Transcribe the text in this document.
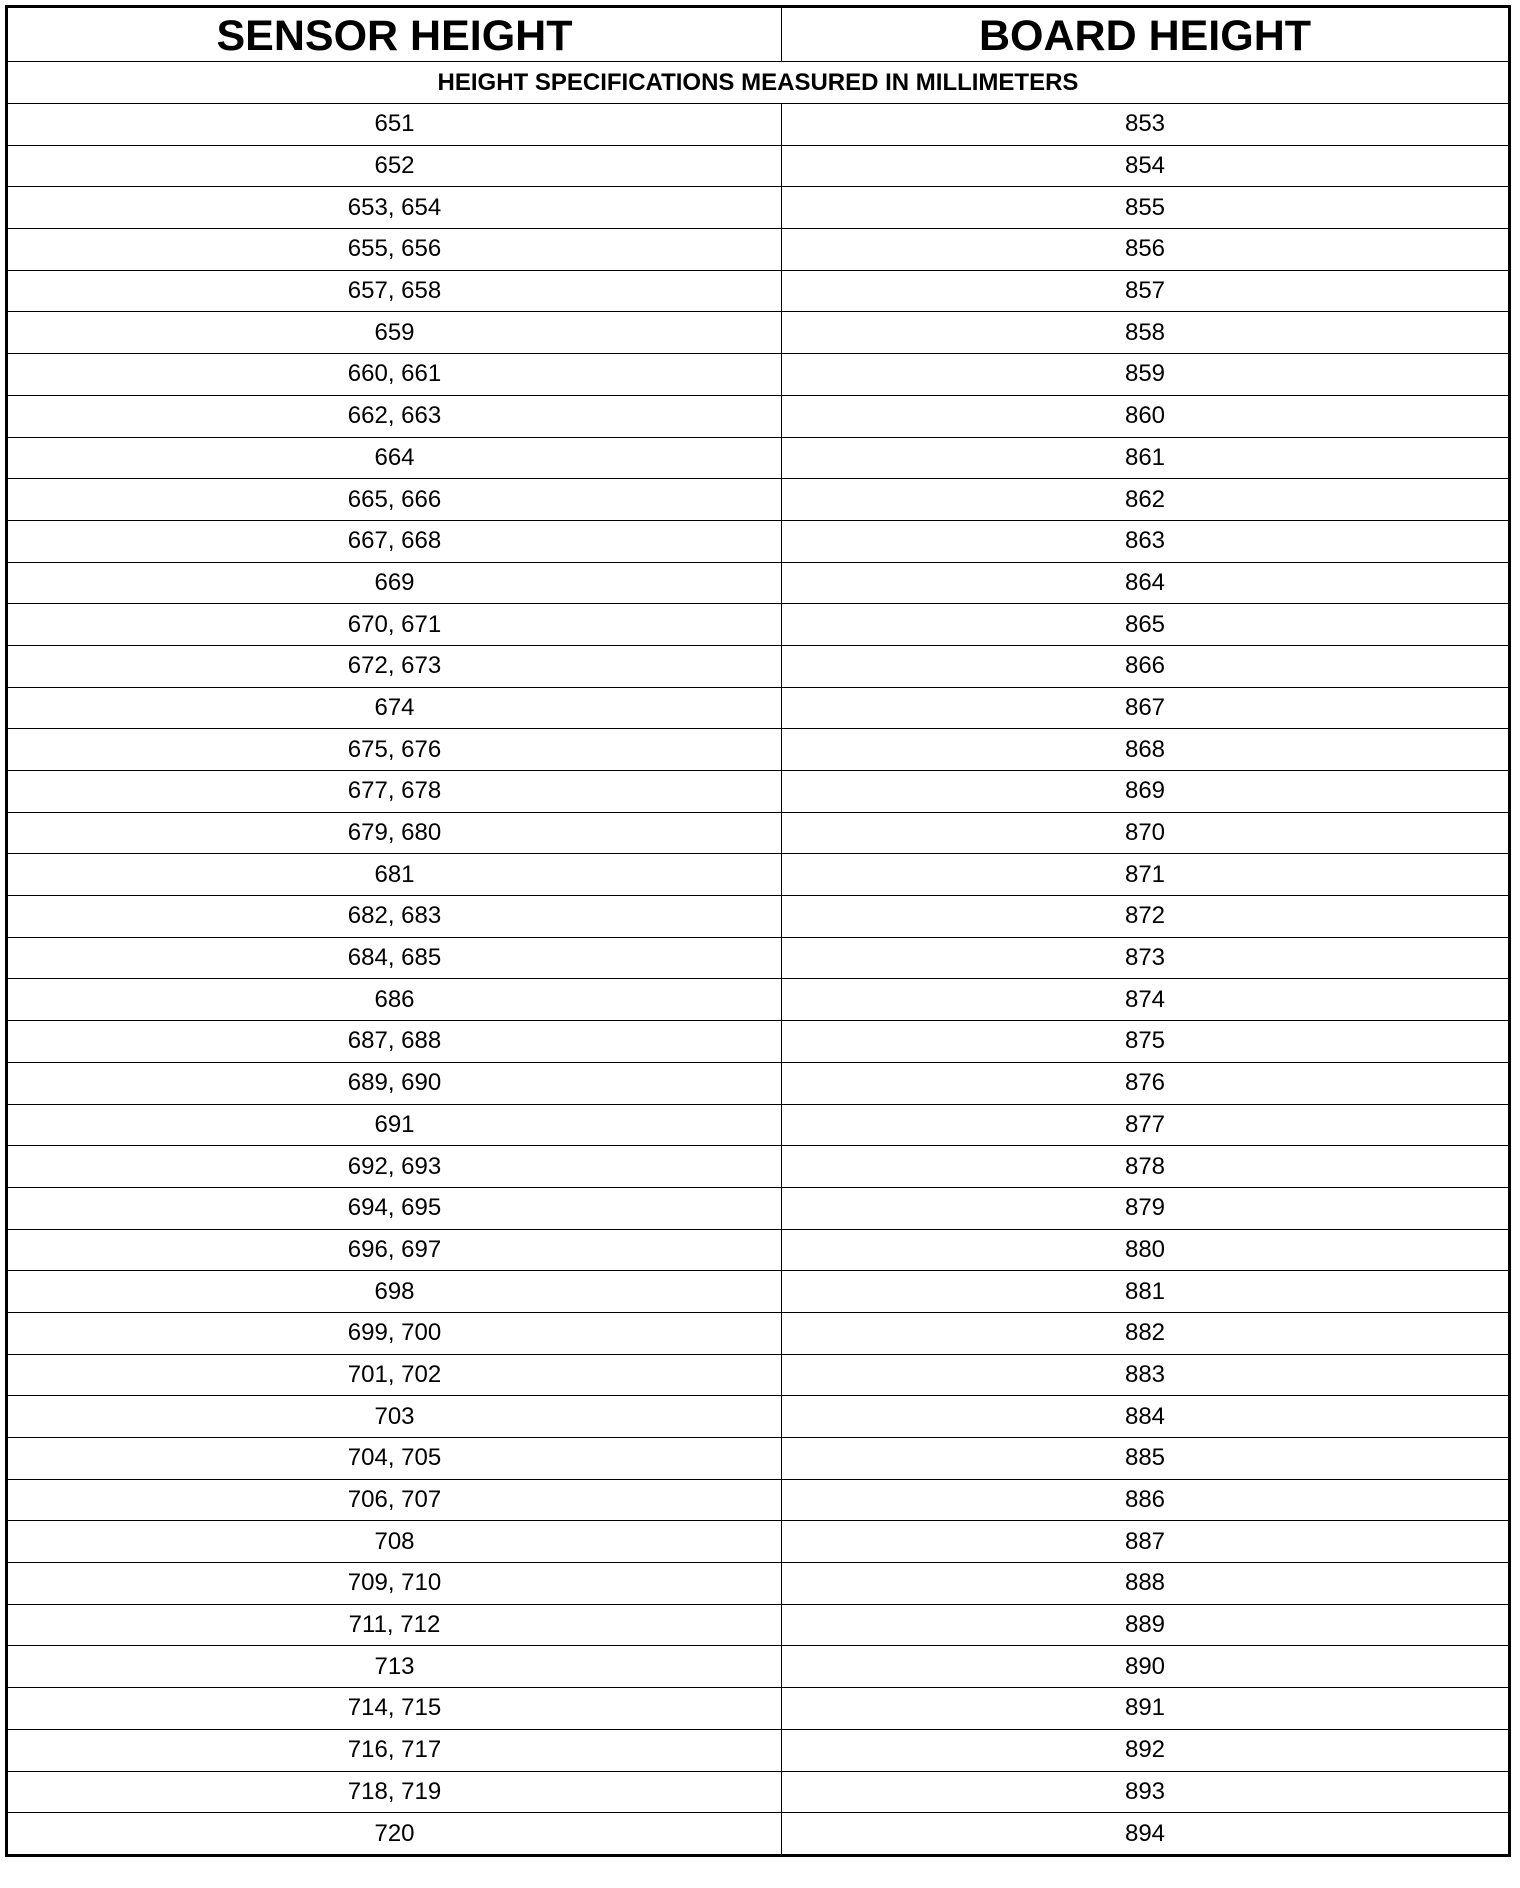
SENSOR HEIGHT	BOARD HEIGHT
HEIGHT SPECIFICATIONS MEASURED IN MILLIMETERS	
651	853
652	854
653, 654	855
655, 656	856
657, 658	857
659	858
660, 661	859
662, 663	860
664	861
665, 666	862
667, 668	863
669	864
670, 671	865
672, 673	866
674	867
675, 676	868
677, 678	869
679, 680	870
681	871
682, 683	872
684, 685	873
686	874
687, 688	875
689, 690	876
691	877
692, 693	878
694, 695	879
696, 697	880
698	881
699, 700	882
701, 702	883
703	884
704, 705	885
706, 707	886
708	887
709, 710	888
711, 712	889
713	890
714, 715	891
716, 717	892
718, 719	893
720	894
